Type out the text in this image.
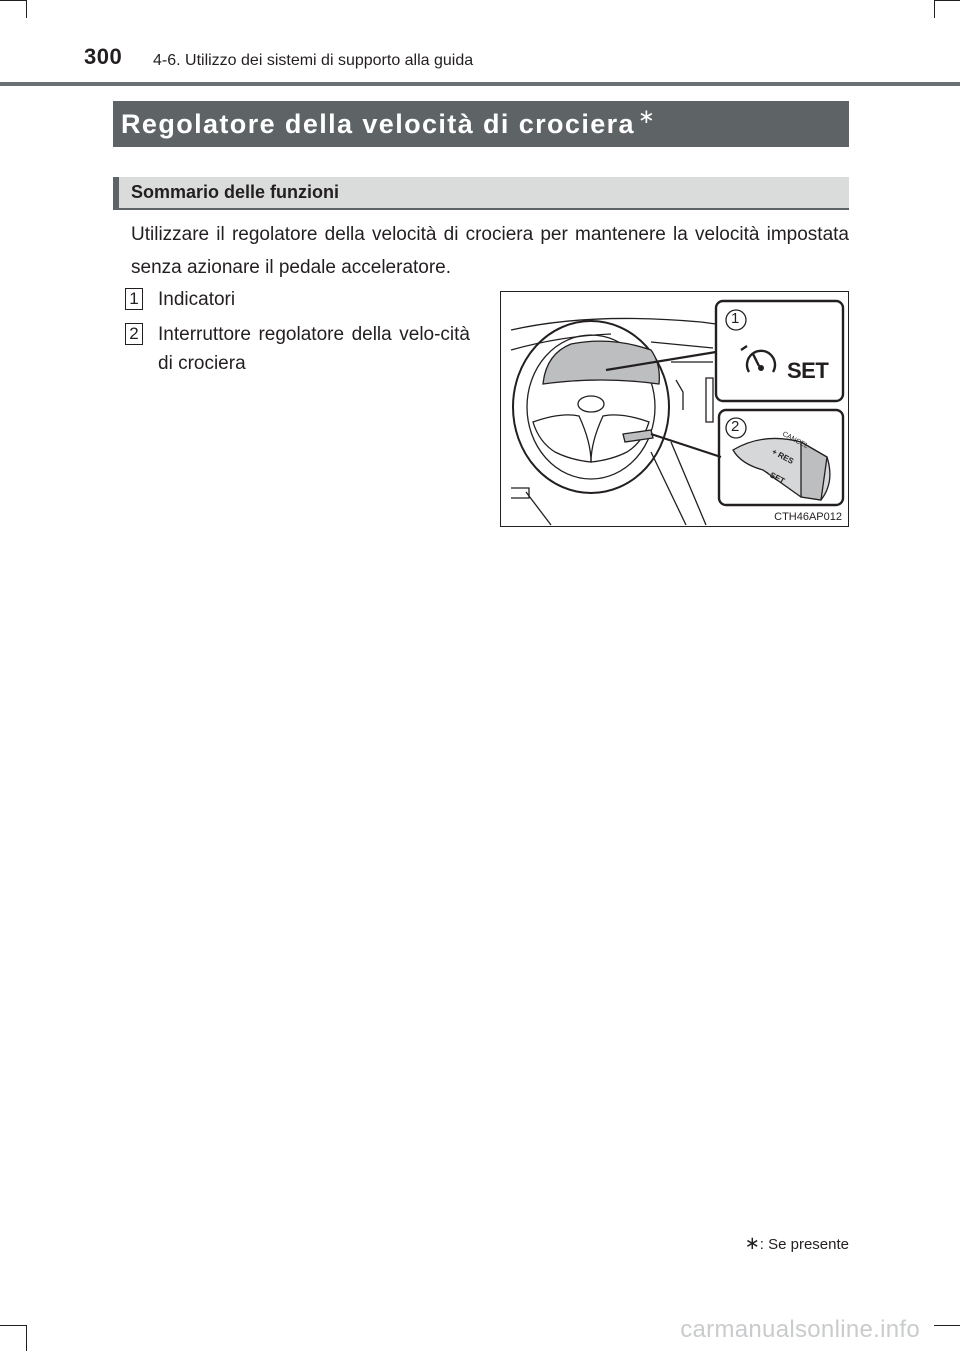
300 4-6. Utilizzo dei sistemi di supporto alla guida
Regolatore della velocità di crociera ∗
Sommario delle funzioni
Utilizzare il regolatore della velocità di crociera per mantenere la velocità impostata senza azionare il pedale acceleratore.
1 Indicatori
2 Interruttore regolatore della velo-cità di crociera
1
2
SET
+ RES
− SET
CANCEL
CTH46AP012
∗: Se presente
carmanualsonline.info
